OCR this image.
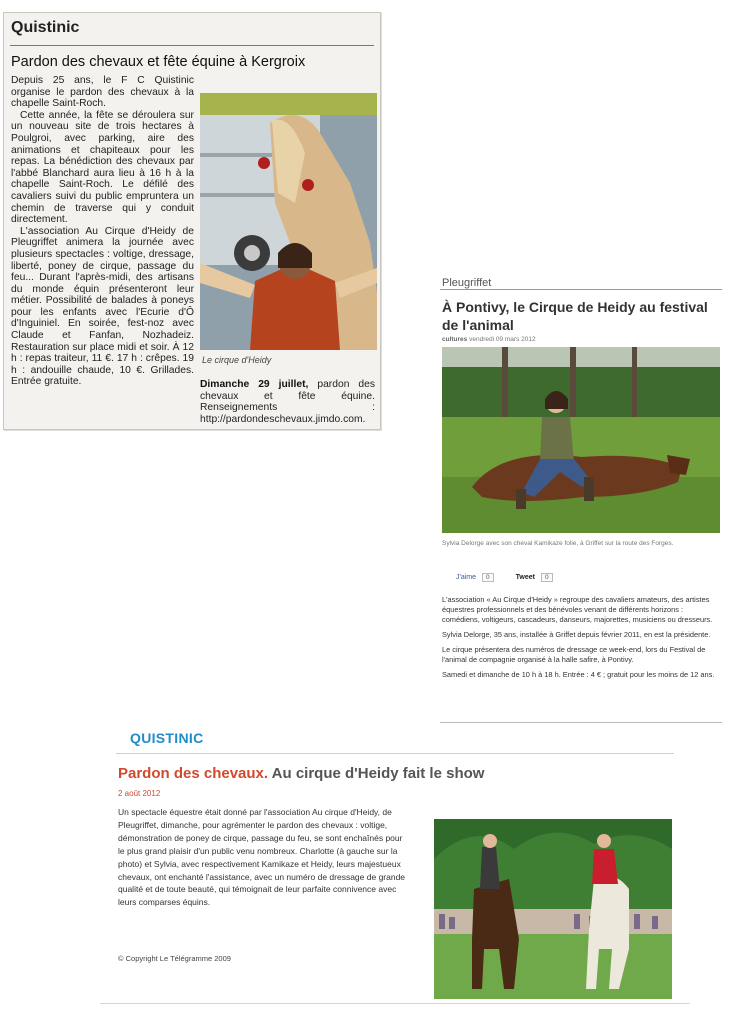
Quistinic
Pardon des chevaux et fête équine à Kergroix

Depuis 25 ans, le F C Quistinic organise le pardon des chevaux à la chapelle Saint-Roch.

Cette année, la fête se déroulera sur un nouveau site de trois hectares à Poulgroi, avec parking, aire des animations et chapiteaux pour les repas. La bénédiction des chevaux par l'abbé Blanchard aura lieu à 16 h à la chapelle Saint-Roch. Le défilé des cavaliers suivi du public empruntera un chemin de traverse qui y conduit directement.

L'association Au Cirque d'Heidy de Pleugriffet animera la journée avec plusieurs spectacles : voltige, dressage, liberté, poney de cirque, passage du feu... Durant l'après-midi, des artisans du monde équin présenteront leur métier. Possibilité de balades à poneys pour les enfants avec l'Ecurie d'Ô d'Inguiniel. En soirée, fest-noz avec Claude et Fanfan, Nozhadeiz. Restauration sur place midi et soir. À 12 h : repas traiteur, 11 €. 17 h : crêpes. 19 h : andouille chaude, 10 €. Grillades. Entrée gratuite.

Le cirque d'Heidy
Dimanche 29 juillet, pardon des chevaux et fête équine. Renseignements : http://pardondeschevaux.jimdo.com.
Pleugriffet
À Pontivy, le Cirque de Heidy au festival de l'animal
cultures vendredi 09 mars 2012
Sylvia Delorge avec son cheval Kamikaze folie, à Griffet sur la route des Forges.
J'aime 0	Tweet 0

L'association « Au Cirque d'Heidy » regroupe des cavaliers amateurs, des artistes équestres professionnels et des bénévoles venant de différents horizons : comédiens, voltigeurs, cascadeurs, danseurs, majorettes, musiciens ou dresseurs.

Sylvia Delorge, 35 ans, installée à Griffet depuis février 2011, en est la présidente.

Le cirque présentera des numéros de dressage ce week-end, lors du Festival de l'animal de compagnie organisé à la halle safire, à Pontivy.

Samedi et dimanche de 10 h à 18 h. Entrée : 4 € ; gratuit pour les moins de 12 ans.

QUISTINIC
Pardon des chevaux. Au cirque d'Heidy fait le show
2 août 2012
Un spectacle équestre était donné par l'association Au cirque d'Heidy, de Pleugriffet, dimanche, pour agrémenter le pardon des chevaux : voltige, démonstration de poney de cirque, passage du feu, se sont enchaînés pour le plus grand plaisir d'un public venu nombreux. Charlotte (à gauche sur la photo) et Sylvia, avec respectivement Kamikaze et Heidy, leurs majestueux chevaux, ont enchanté l'assistance, avec un numéro de dressage de grande qualité et de toute beauté, qui témoignait de leur parfaite connivence avec leurs comparses équins.
© Copyright Le Télégramme 2009
